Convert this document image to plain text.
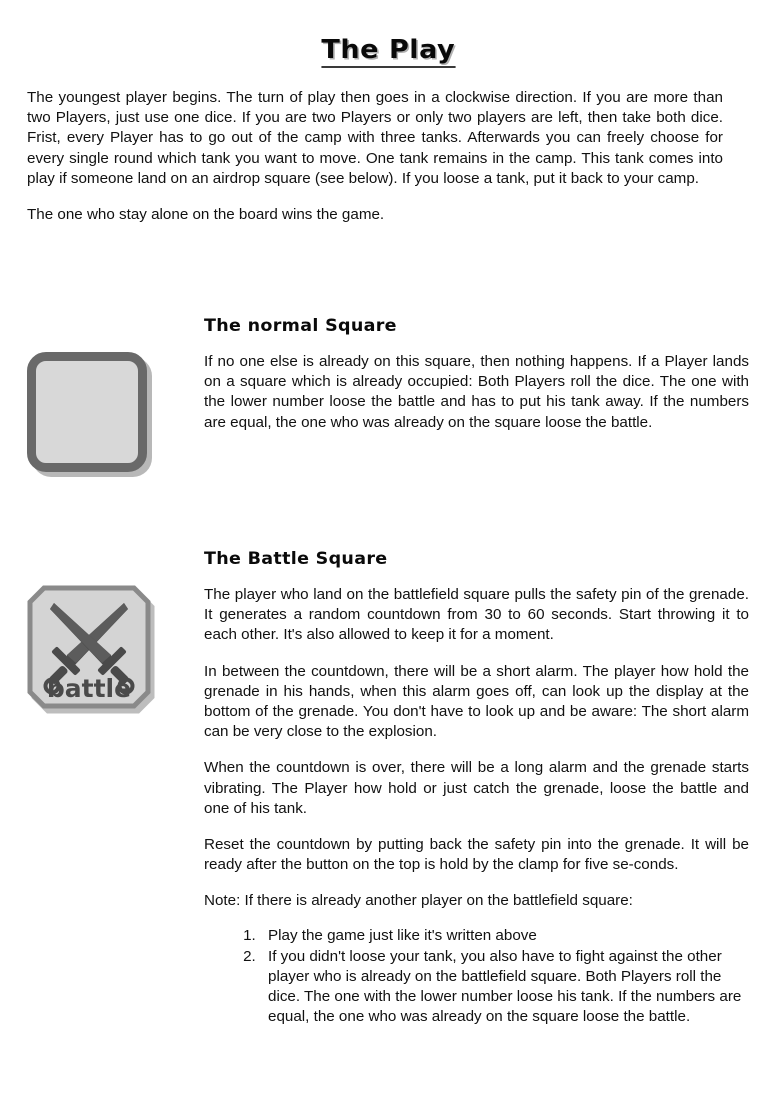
The Play

The youngest player begins. The turn of play then goes in a clockwise direction. If you are more than two Players, just use one dice. If you are two Players or only two players are left, then take both dice. Frist, every Player has to go out of the camp with three tanks. Afterwards you can freely choose for every single round which tank you want to move. One tank remains in the camp. This tank comes into play if someone land on an airdrop square (see below). If you loose a tank, put it back to your camp.

The one who stay alone on the board wins the game.

The normal Square

If no one else is already on this square, then nothing happens. If a Player lands on a square which is already occupied: Both Players roll the dice. The one with the lower number loose the battle and has to put his tank away. If the numbers are equal, the one who was already on the square loose the battle.

The Battle Square
battle

The player who land on the battlefield square pulls the safety pin of the grenade. It generates a random countdown from 30 to 60 seconds. Start throwing it to each other. It's also allowed to keep it for a moment.

In between the countdown, there will be a short alarm. The player how hold the grenade in his hands, when this alarm goes off, can look up the display at the bottom of the grenade. You don't have to look up and be aware: The short alarm can be very close to the explosion.

When the countdown is over, there will be a long alarm and the grenade starts vibrating. The Player how hold or just catch the grenade, loose the battle and one of his tank.

Reset the countdown by putting back the safety pin into the grenade. It will be ready after the button on the top is hold by the clamp for five se-conds.

Note: If there is already another player on the battlefield square:

1. Play the game just like it's written above
2. If you didn't loose your tank, you also have to fight against the other player who is already on the battlefield square. Both Players roll the dice. The one with the lower number loose his tank. If the numbers are equal, the one who was already on the square loose the battle.
